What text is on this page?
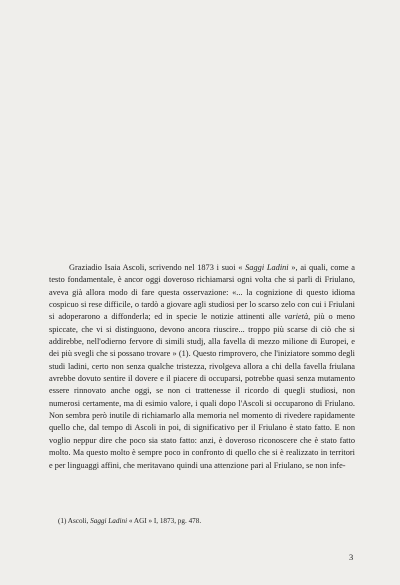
Graziadio Isaia Ascoli, scrivendo nel 1873 i suoi « Saggi Ladini », ai quali, come a testo fondamentale, è ancor oggi doveroso richiamarsi ogni volta che si parli di Friulano, aveva già allora modo di fare questa osservazione: «... la cognizione di questo idioma cospicuo si rese difficile, o tardò a giovare agli studiosi per lo scarso zelo con cui i Friulani si adoperarono a diffonderla; ed in specie le notizie attinenti alle varietà, più o meno spiccate, che vi si distinguono, devono ancora riuscire... troppo più scarse di ciò che si addirebbe, nell'odierno fervore di simili studj, alla favella di mezzo milione di Europei, e dei più svegli che si possano trovare » (1). Questo rimprovero, che l'iniziatore sommo degli studi ladini, certo non senza qualche tristezza, rivolgeva allora a chi della favella friulana avrebbe dovuto sentire il dovere e il piacere di occuparsi, potrebbe quasi senza mutamento essere rinnovato anche oggi, se non ci trattenesse il ricordo di quegli studiosi, non numerosi certamente, ma di esimio valore, i quali dopo l'Ascoli si occuparono di Friulano. Non sembra però inutile di richiamarlo alla memoria nel momento di rivedere rapidamente quello che, dal tempo di Ascoli in poi, di significativo per il Friulano è stato fatto. E non voglio neppur dire che poco sia stato fatto: anzi, è doveroso riconoscere che è stato fatto molto. Ma questo molto è sempre poco in confronto di quello che si è realizzato in territori e per linguaggi affini, che meritavano quindi una attenzione pari al Friulano, se non infe-

(1) Ascoli, Saggi Ladini « AGI » I, 1873, pg. 478.
3
